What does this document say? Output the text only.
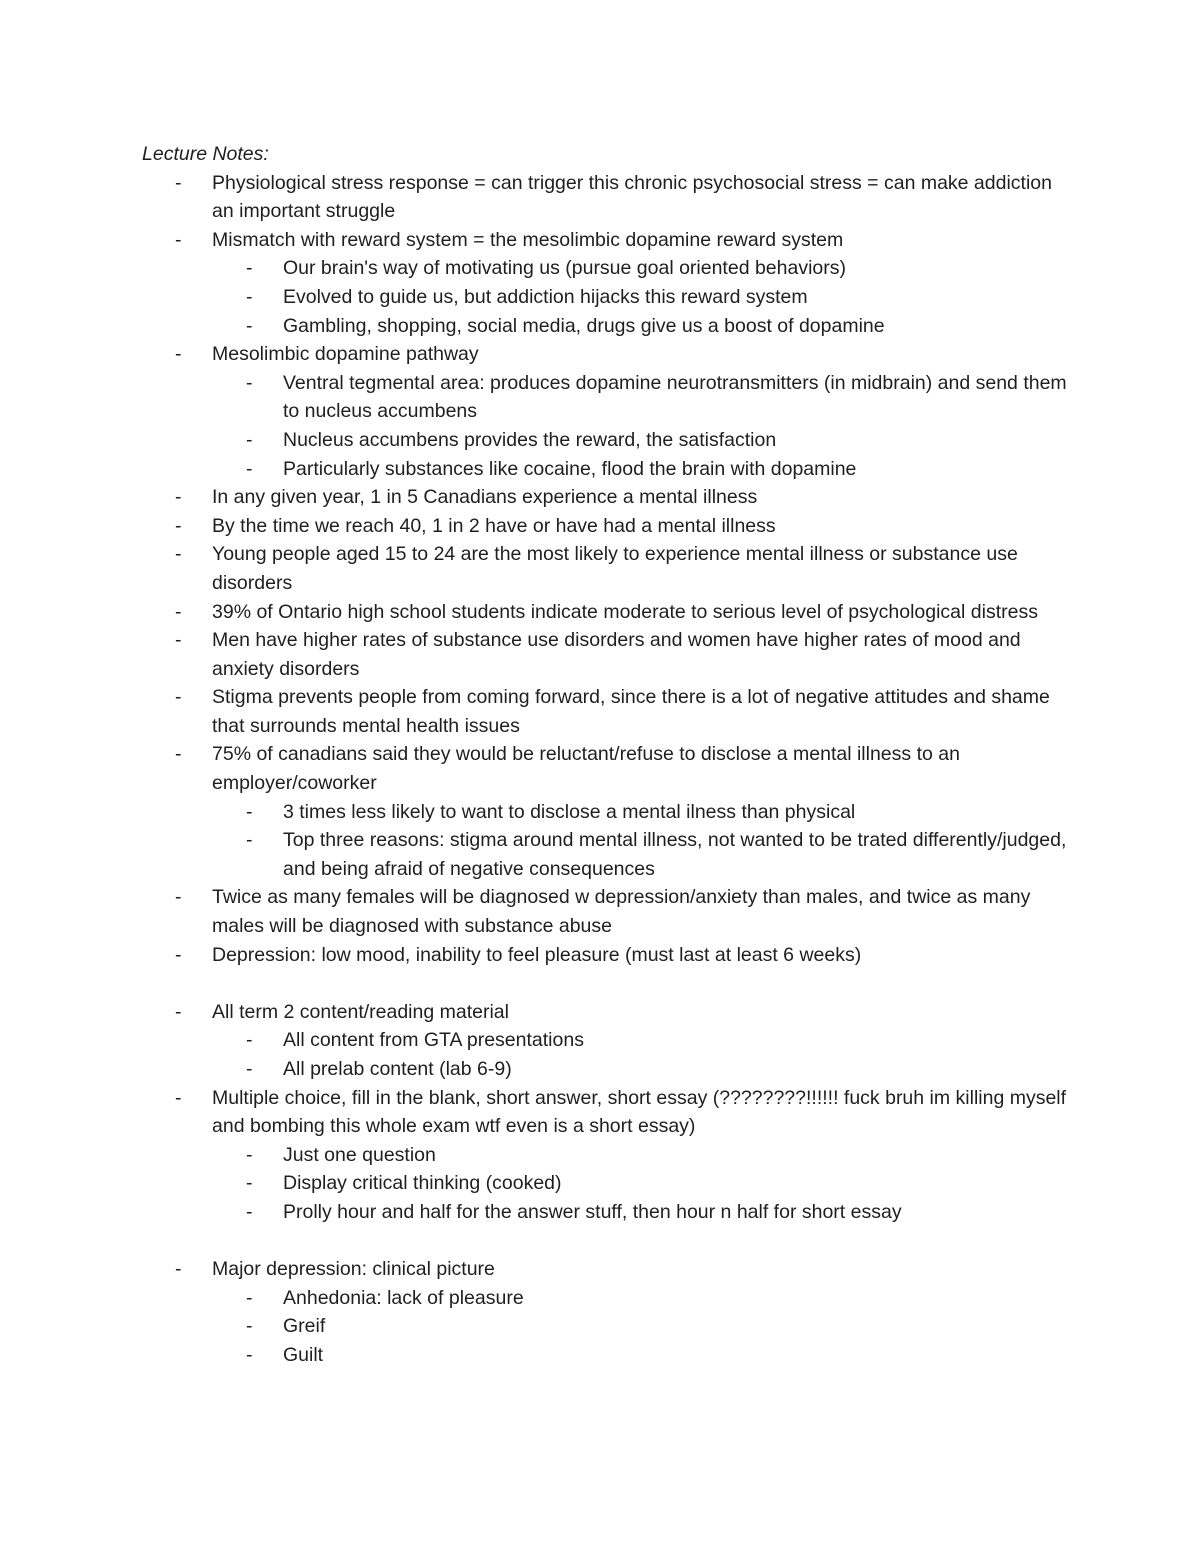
Lecture Notes:

- Physiological stress response = can trigger this chronic psychosocial stress = can make addiction an important struggle
- Mismatch with reward system = the mesolimbic dopamine reward system
- Our brain's way of motivating us (pursue goal oriented behaviors)
- Evolved to guide us, but addiction hijacks this reward system
- Gambling, shopping, social media, drugs give us a boost of dopamine
- Mesolimbic dopamine pathway
- Ventral tegmental area: produces dopamine neurotransmitters (in midbrain) and send them to nucleus accumbens
- Nucleus accumbens provides the reward, the satisfaction
- Particularly substances like cocaine, flood the brain with dopamine
- In any given year, 1 in 5 Canadians experience a mental illness
- By the time we reach 40, 1 in 2 have or have had a mental illness
- Young people aged 15 to 24 are the most likely to experience mental illness or substance use disorders
- 39% of Ontario high school students indicate moderate to serious level of psychological distress
- Men have higher rates of substance use disorders and women have higher rates of mood and anxiety disorders
- Stigma prevents people from coming forward, since there is a lot of negative attitudes and shame that surrounds mental health issues
- 75% of canadians said they would be reluctant/refuse to disclose a mental illness to an employer/coworker
- 3 times less likely to want to disclose a mental ilness than physical
- Top three reasons: stigma around mental illness, not wanted to be trated differently/judged, and being afraid of negative consequences
- Twice as many females will be diagnosed w depression/anxiety than males, and twice as many males will be diagnosed with substance abuse
- Depression: low mood, inability to feel pleasure (must last at least 6 weeks)
- All term 2 content/reading material
- All content from GTA presentations
- All prelab content (lab 6-9)
- Multiple choice, fill in the blank, short answer, short essay (????????!!!!!! fuck bruh im killing myself and bombing this whole exam wtf even is a short essay)
- Just one question
- Display critical thinking (cooked)
- Prolly hour and half for the answer stuff, then hour n half for short essay
- Major depression: clinical picture
- Anhedonia: lack of pleasure
- Greif
- Guilt
